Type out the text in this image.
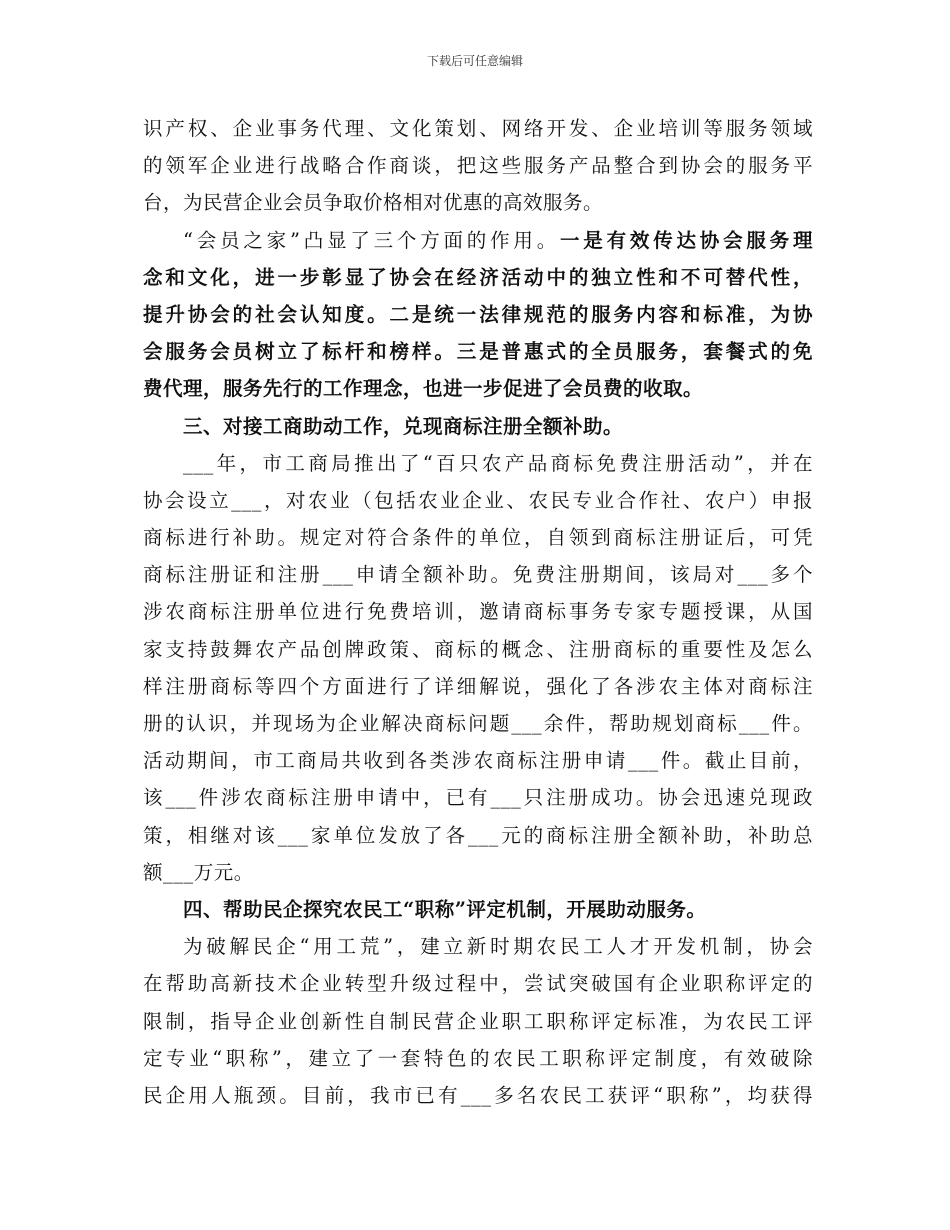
下载后可任意编辑
识产权、企业事务代理、文化策划、网络开发、企业培训等服务领域
的领军企业进行战略合作商谈，把这些服务产品整合到协会的服务平
台，为民营企业会员争取价格相对优惠的高效服务。
“会员之家”凸显了三个方面的作用。一是有效传达协会服务理
念和文化，进一步彰显了协会在经济活动中的独立性和不可替代性，
提升协会的社会认知度。二是统一法律规范的服务内容和标准，为协
会服务会员树立了标杆和榜样。三是普惠式的全员服务，套餐式的免
费代理，服务先行的工作理念，也进一步促进了会员费的收取。
三、对接工商助动工作，兑现商标注册全额补助。
___年，市工商局推出了“百只农产品商标免费注册活动”，并在
协会设立___，对农业（包括农业企业、农民专业合作社、农户）申报
商标进行补助。规定对符合条件的单位，自领到商标注册证后，可凭
商标注册证和注册___申请全额补助。免费注册期间，该局对___多个
涉农商标注册单位进行免费培训，邀请商标事务专家专题授课，从国
家支持鼓舞农产品创牌政策、商标的概念、注册商标的重要性及怎么
样注册商标等四个方面进行了详细解说，强化了各涉农主体对商标注
册的认识，并现场为企业解决商标问题___余件，帮助规划商标___件。
活动期间，市工商局共收到各类涉农商标注册申请___件。截止目前，
该___件涉农商标注册申请中，已有___只注册成功。协会迅速兑现政
策，相继对该___家单位发放了各___元的商标注册全额补助，补助总
额___万元。
四、帮助民企探究农民工“职称”评定机制，开展助动服务。
为破解民企“用工荒”，建立新时期农民工人才开发机制，协会
在帮助高新技术企业转型升级过程中，尝试突破国有企业职称评定的
限制，指导企业创新性自制民营企业职工职称评定标准，为农民工评
定专业“职称”，建立了一套特色的农民工职称评定制度，有效破除
民企用人瓶颈。目前，我市已有___多名农民工获评“职称”，均获得
